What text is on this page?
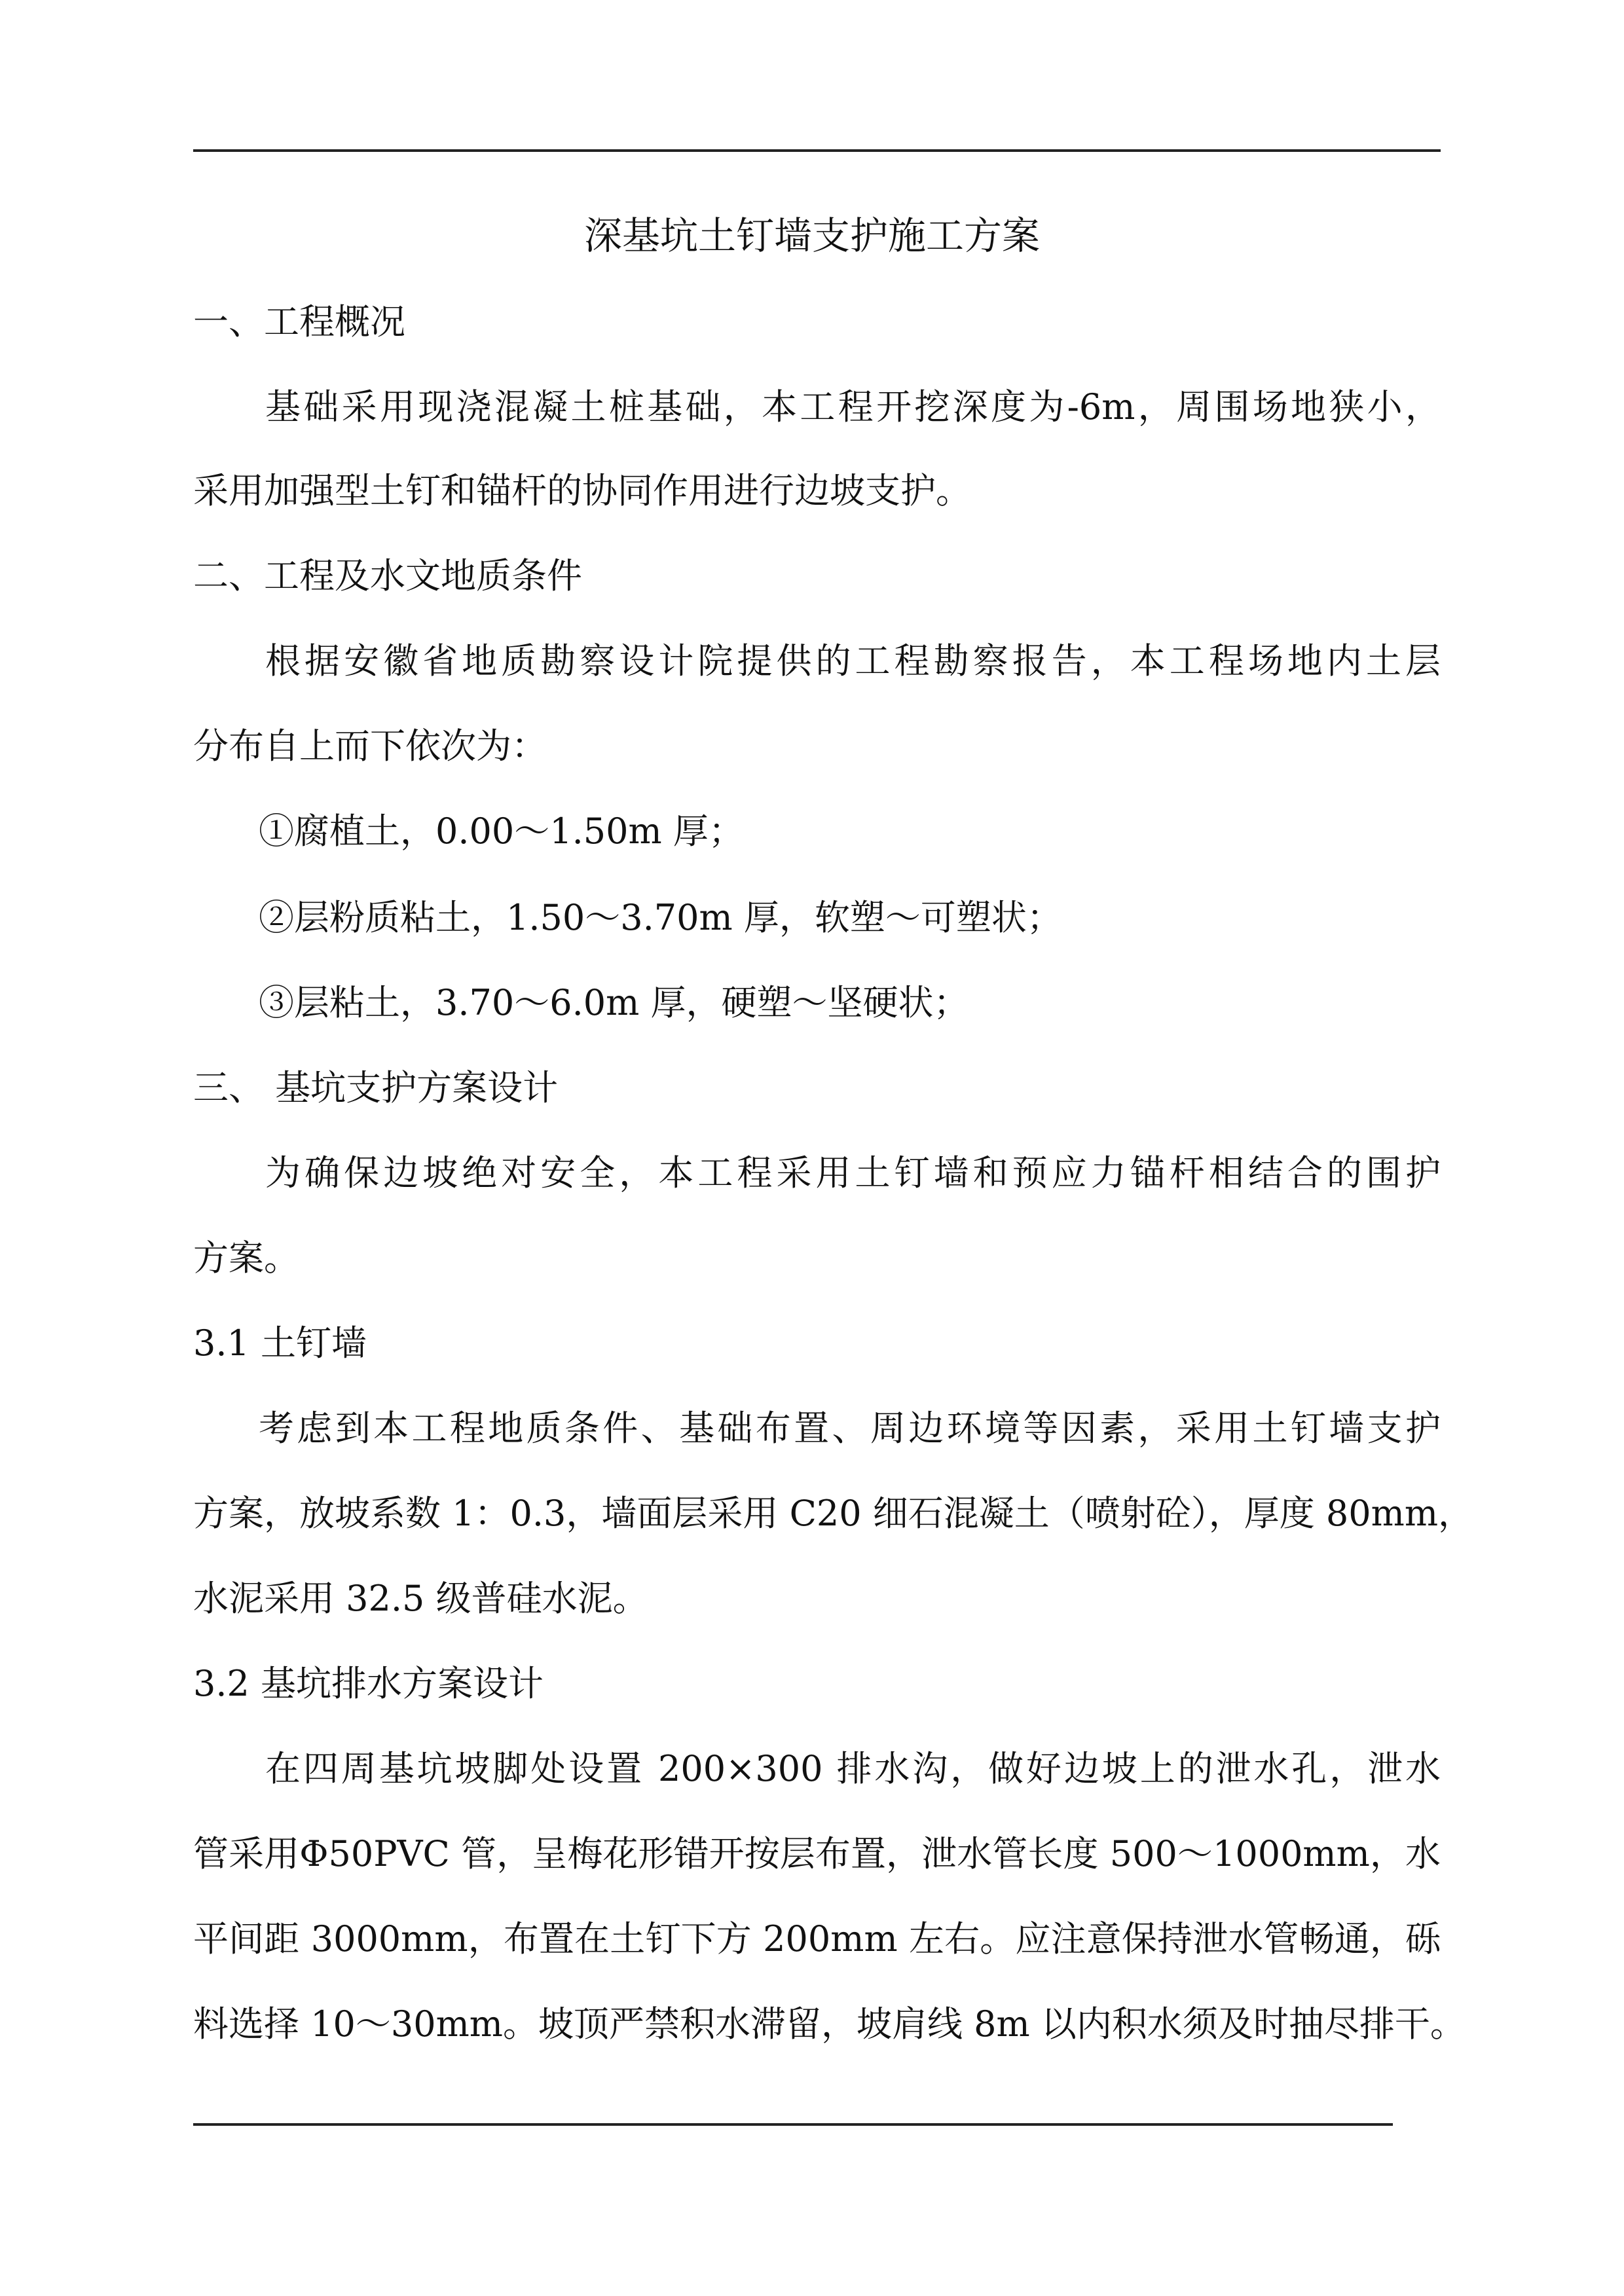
深基坑土钉墙支护施工方案
一、工程概况
基础采用现浇混凝土桩基础，本工程开挖深度为-6m，周围场地狭小，
采用加强型土钉和锚杆的协同作用进行边坡支护。
二、工程及水文地质条件
根据安徽省地质勘察设计院提供的工程勘察报告，本工程场地内土层
分布自上而下依次为：
①腐植土，0.00～1.50m 厚；
②层粉质粘土，1.50～3.70m 厚，软塑～可塑状；
③层粘土，3.70～6.0m 厚，硬塑～坚硬状；
三、 基坑支护方案设计
为确保边坡绝对安全，本工程采用土钉墙和预应力锚杆相结合的围护
方案。
3.1 土钉墙
考虑到本工程地质条件、基础布置、周边环境等因素，采用土钉墙支护
方案，放坡系数 1：0.3，墙面层采用 C20 细石混凝土（喷射砼），厚度 80mm，
水泥采用 32.5 级普硅水泥。
3.2 基坑排水方案设计
在四周基坑坡脚处设置 200×300 排水沟，做好边坡上的泄水孔，泄水
管采用Φ50PVC 管，呈梅花形错开按层布置，泄水管长度 500～1000mm，水
平间距 3000mm，布置在土钉下方 200mm 左右。应注意保持泄水管畅通，砾
料选择 10～30mm。坡顶严禁积水滞留，坡肩线 8m 以内积水须及时抽尽排干。
